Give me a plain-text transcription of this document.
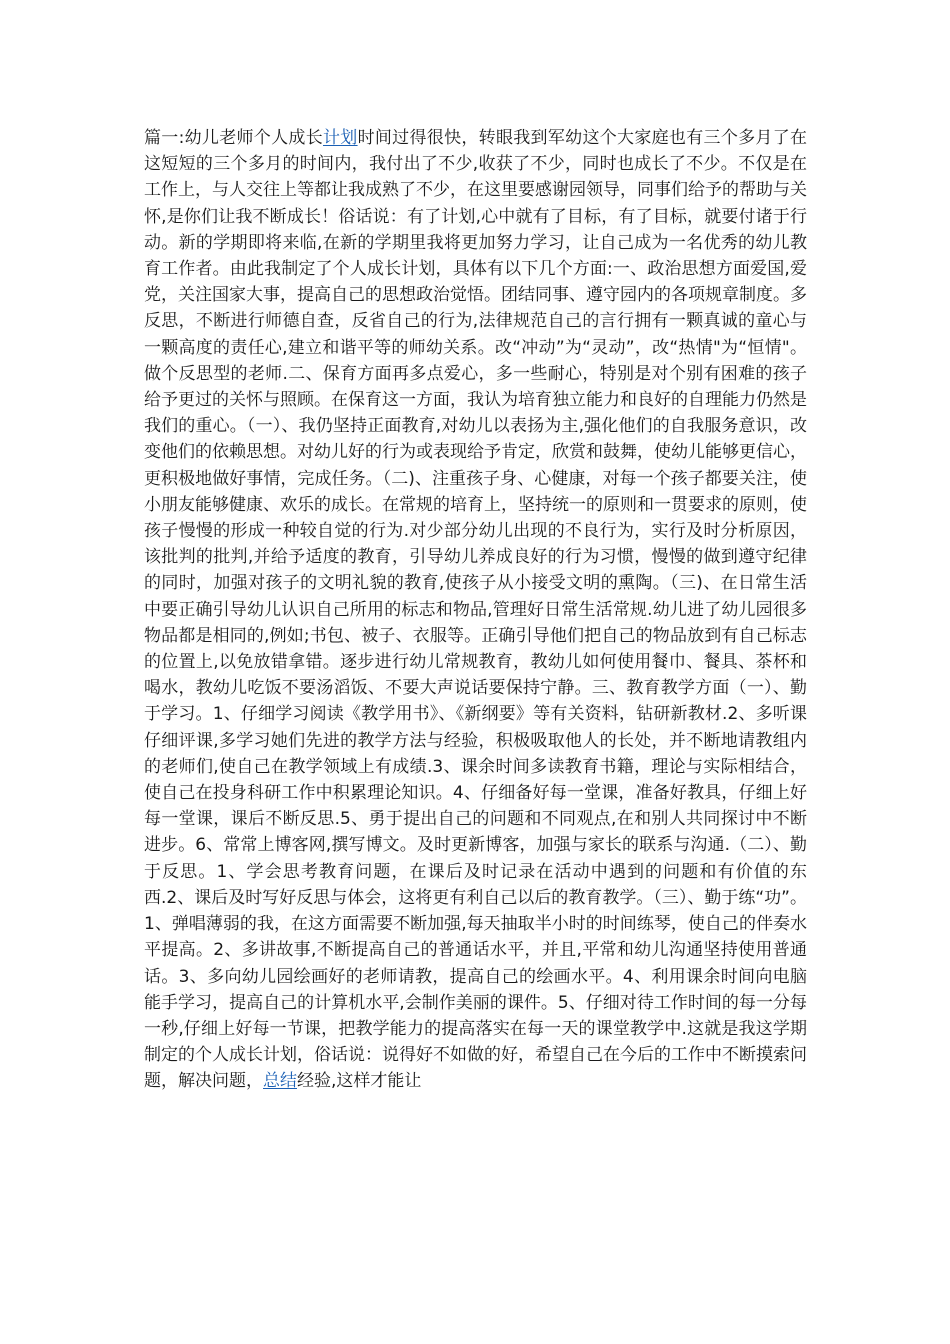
篇一:幼儿老师个人成长计划时间过得很快，转眼我到军幼这个大家庭也有三个多月了在这短短的三个多月的时间内，我付出了不少,收获了不少，同时也成长了不少。不仅是在工作上，与人交往上等都让我成熟了不少，在这里要感谢园领导，同事们给予的帮助与关怀,是你们让我不断成长！俗话说：有了计划,心中就有了目标，有了目标，就要付诸于行动。新的学期即将来临,在新的学期里我将更加努力学习，让自己成为一名优秀的幼儿教育工作者。由此我制定了个人成长计划，具体有以下几个方面:一、政治思想方面爱国,爱党，关注国家大事，提高自己的思想政治觉悟。团结同事、遵守园内的各项规章制度。多反思，不断进行师德自查，反省自己的行为,法律规范自己的言行拥有一颗真诚的童心与一颗高度的责任心,建立和谐平等的师幼关系。改“冲动”为“灵动”，改“热情"为“恒情"。做个反思型的老师.二、保育方面再多点爱心，多一些耐心，特别是对个别有困难的孩子给予更过的关怀与照顾。在保育这一方面，我认为培育独立能力和良好的自理能力仍然是我们的重心。（一）、我仍坚持正面教育,对幼儿以表扬为主,强化他们的自我服务意识，改变他们的依赖思想。对幼儿好的行为或表现给予肯定，欣赏和鼓舞，使幼儿能够更信心，更积极地做好事情，完成任务。（二)、注重孩子身、心健康，对每一个孩子都要关注，使小朋友能够健康、欢乐的成长。在常规的培育上，坚持统一的原则和一贯要求的原则，使孩子慢慢的形成一种较自觉的行为.对少部分幼儿出现的不良行为，实行及时分析原因，该批判的批判,并给予适度的教育，引导幼儿养成良好的行为习惯，慢慢的做到遵守纪律的同时，加强对孩子的文明礼貌的教育,使孩子从小接受文明的熏陶。（三)、在日常生活中要正确引导幼儿认识自己所用的标志和物品,管理好日常生活常规.幼儿进了幼儿园很多物品都是相同的,例如;书包、被子、衣服等。正确引导他们把自己的物品放到有自己标志的位置上,以免放错拿错。逐步进行幼儿常规教育，教幼儿如何使用餐巾、餐具、茶杯和喝水，教幼儿吃饭不要汤滔饭、不要大声说话要保持宁静。三、教育教学方面（一）、勤于学习。1、仔细学习阅读《教学用书》、《新纲要》等有关资料，钻研新教材.2、多听课仔细评课,多学习她们先进的教学方法与经验，积极吸取他人的长处，并不断地请教组内的老师们,使自己在教学领域上有成绩.3、课余时间多读教育书籍，理论与实际相结合，使自己在投身科研工作中积累理论知识。4、仔细备好每一堂课，准备好教具，仔细上好每一堂课，课后不断反思.5、勇于提出自己的问题和不同观点,在和别人共同探讨中不断进步。6、常常上博客网,撰写博文。及时更新博客，加强与家长的联系与沟通.（二）、勤于反思。1、学会思考教育问题，在课后及时记录在活动中遇到的问题和有价值的东西.2、课后及时写好反思与体会，这将更有利自己以后的教育教学。（三）、勤于练“功”。1、弹唱薄弱的我，在这方面需要不断加强,每天抽取半小时的时间练琴，使自己的伴奏水平提高。2、多讲故事,不断提高自己的普通话水平，并且,平常和幼儿沟通坚持使用普通话。3、多向幼儿园绘画好的老师请教，提高自己的绘画水平。4、利用课余时间向电脑能手学习，提高自己的计算机水平,会制作美丽的课件。5、仔细对待工作时间的每一分每一秒,仔细上好每一节课，把教学能力的提高落实在每一天的课堂教学中.这就是我这学期制定的个人成长计划，俗话说：说得好不如做的好，希望自己在今后的工作中不断摸索问题，解决问题，总结经验,这样才能让
